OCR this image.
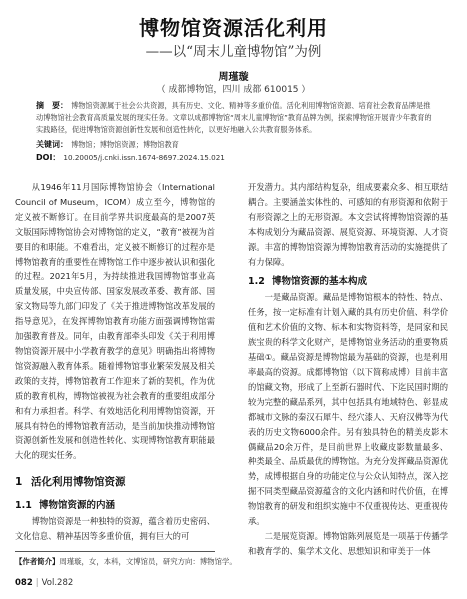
博物馆资源活化利用
——以“周末儿童博物馆”为例
周瑾璇
（ 成都博物馆，四川 成都 610015 ）

摘　要： 博物馆资源属于社会公共资源，具有历史、文化、精神等多重价值。活化利用博物馆资源、培育社会教育品牌是推动博物馆社会教育高质量发展的现实任务。文章以成都博物馆“周末儿童博物馆”教育品牌为例，探索博物馆开展青少年教育的实践路径，促进博物馆资源创新性发展和创造性转化，以更好地融入公共教育服务体系。

关键词： 博物馆；博物馆资源；博物馆教育

DOI： 10.20005/j.cnki.issn.1674-8697.2024.15.021

从1946年11月国际博物馆协会（International Council of Museum，ICOM）成立至今，博物馆的定义被不断修订。在目前学界共识度最高的是2007英文版国际博物馆协会对博物馆的定义，“教育”被视为首要目的和职能。不难看出，定义被不断修订的过程亦是博物馆教育的重要性在博物馆工作中逐步被认识和强化的过程。2021年5月，为持续推进我国博物馆事业高质量发展，中央宣传部、国家发展改革委、教育部、国家文物局等九部门印发了《关于推进博物馆改革发展的指导意见》，在发挥博物馆教育功能方面强调博物馆需加强教育普及。同年，由教育部牵头印发《关于利用博物馆资源开展中小学教育教学的意见》明确指出将博物馆资源融入教育体系。随着博物馆事业繁荣发展及相关政策的支持，博物馆教育工作迎来了新的契机，作为优质的教育机构，博物馆被视为社会教育的重要组成部分和有力承担者。科学、有效地活化利用博物馆资源，开展具有特色的博物馆教育活动，是当前加快推动博物馆资源创新性发展和创造性转化、实现博物馆教育职能最大化的现实任务。

1 活化利用博物馆资源
1.1 博物馆资源的内涵

博物馆资源是一种独特的资源，蕴含着历史密码、文化信息、精神基因等多重价值，拥有巨大的可

开发潜力。其内部结构复杂，组成要素众多、相互联结耦合。主要涵盖实体性的、可感知的有形资源和依附于有形资源之上的无形资源。本文尝试将博物馆资源的基本构成划分为藏品资源、展览资源、环境资源、人才资源。丰富的博物馆资源为博物馆教育活动的实施提供了有力保障。

1.2 博物馆资源的基本构成

一是藏品资源。藏品是博物馆根本的特性、特点、任务，按一定标准有计划入藏的具有历史价值、科学价值和艺术价值的文物、标本和实物资料等，是同家和民族宝贵的科学文化财产，是博物馆业务活动的重要物质基础①。藏品资源是博物馆最为基础的资源，也是利用率最高的资源。成都博物馆（以下简称成博）目前丰富的馆藏文物，形成了上至新石器时代、下迄民国时期的较为完整的藏品系列，其中包括具有地域特色、彰显成都城市文脉的秦汉石犀牛、经穴漆人、天府汉佛等为代表的历史文物6000余件。另有独具特色的精美皮影木偶藏品20余万件，是目前世界上收藏皮影数量最多、种类最全、品质最优的博物馆。为充分发挥藏品资源优势，成博根据自身的功能定位与公众认知特点，深入挖掘不同类型藏品资源蕴含的文化内涵和时代价值，在博物馆教育的研发和组织实施中不仅重视传达、更重视传承。

二是展览资源。博物馆陈列展览是一项基于传播学和教育学的、集学术文化、思想知识和审美于一体

【作者简介】周瑾璇，女，本科，文博馆员，研究方向：博物馆学。
082 | Vol.282
